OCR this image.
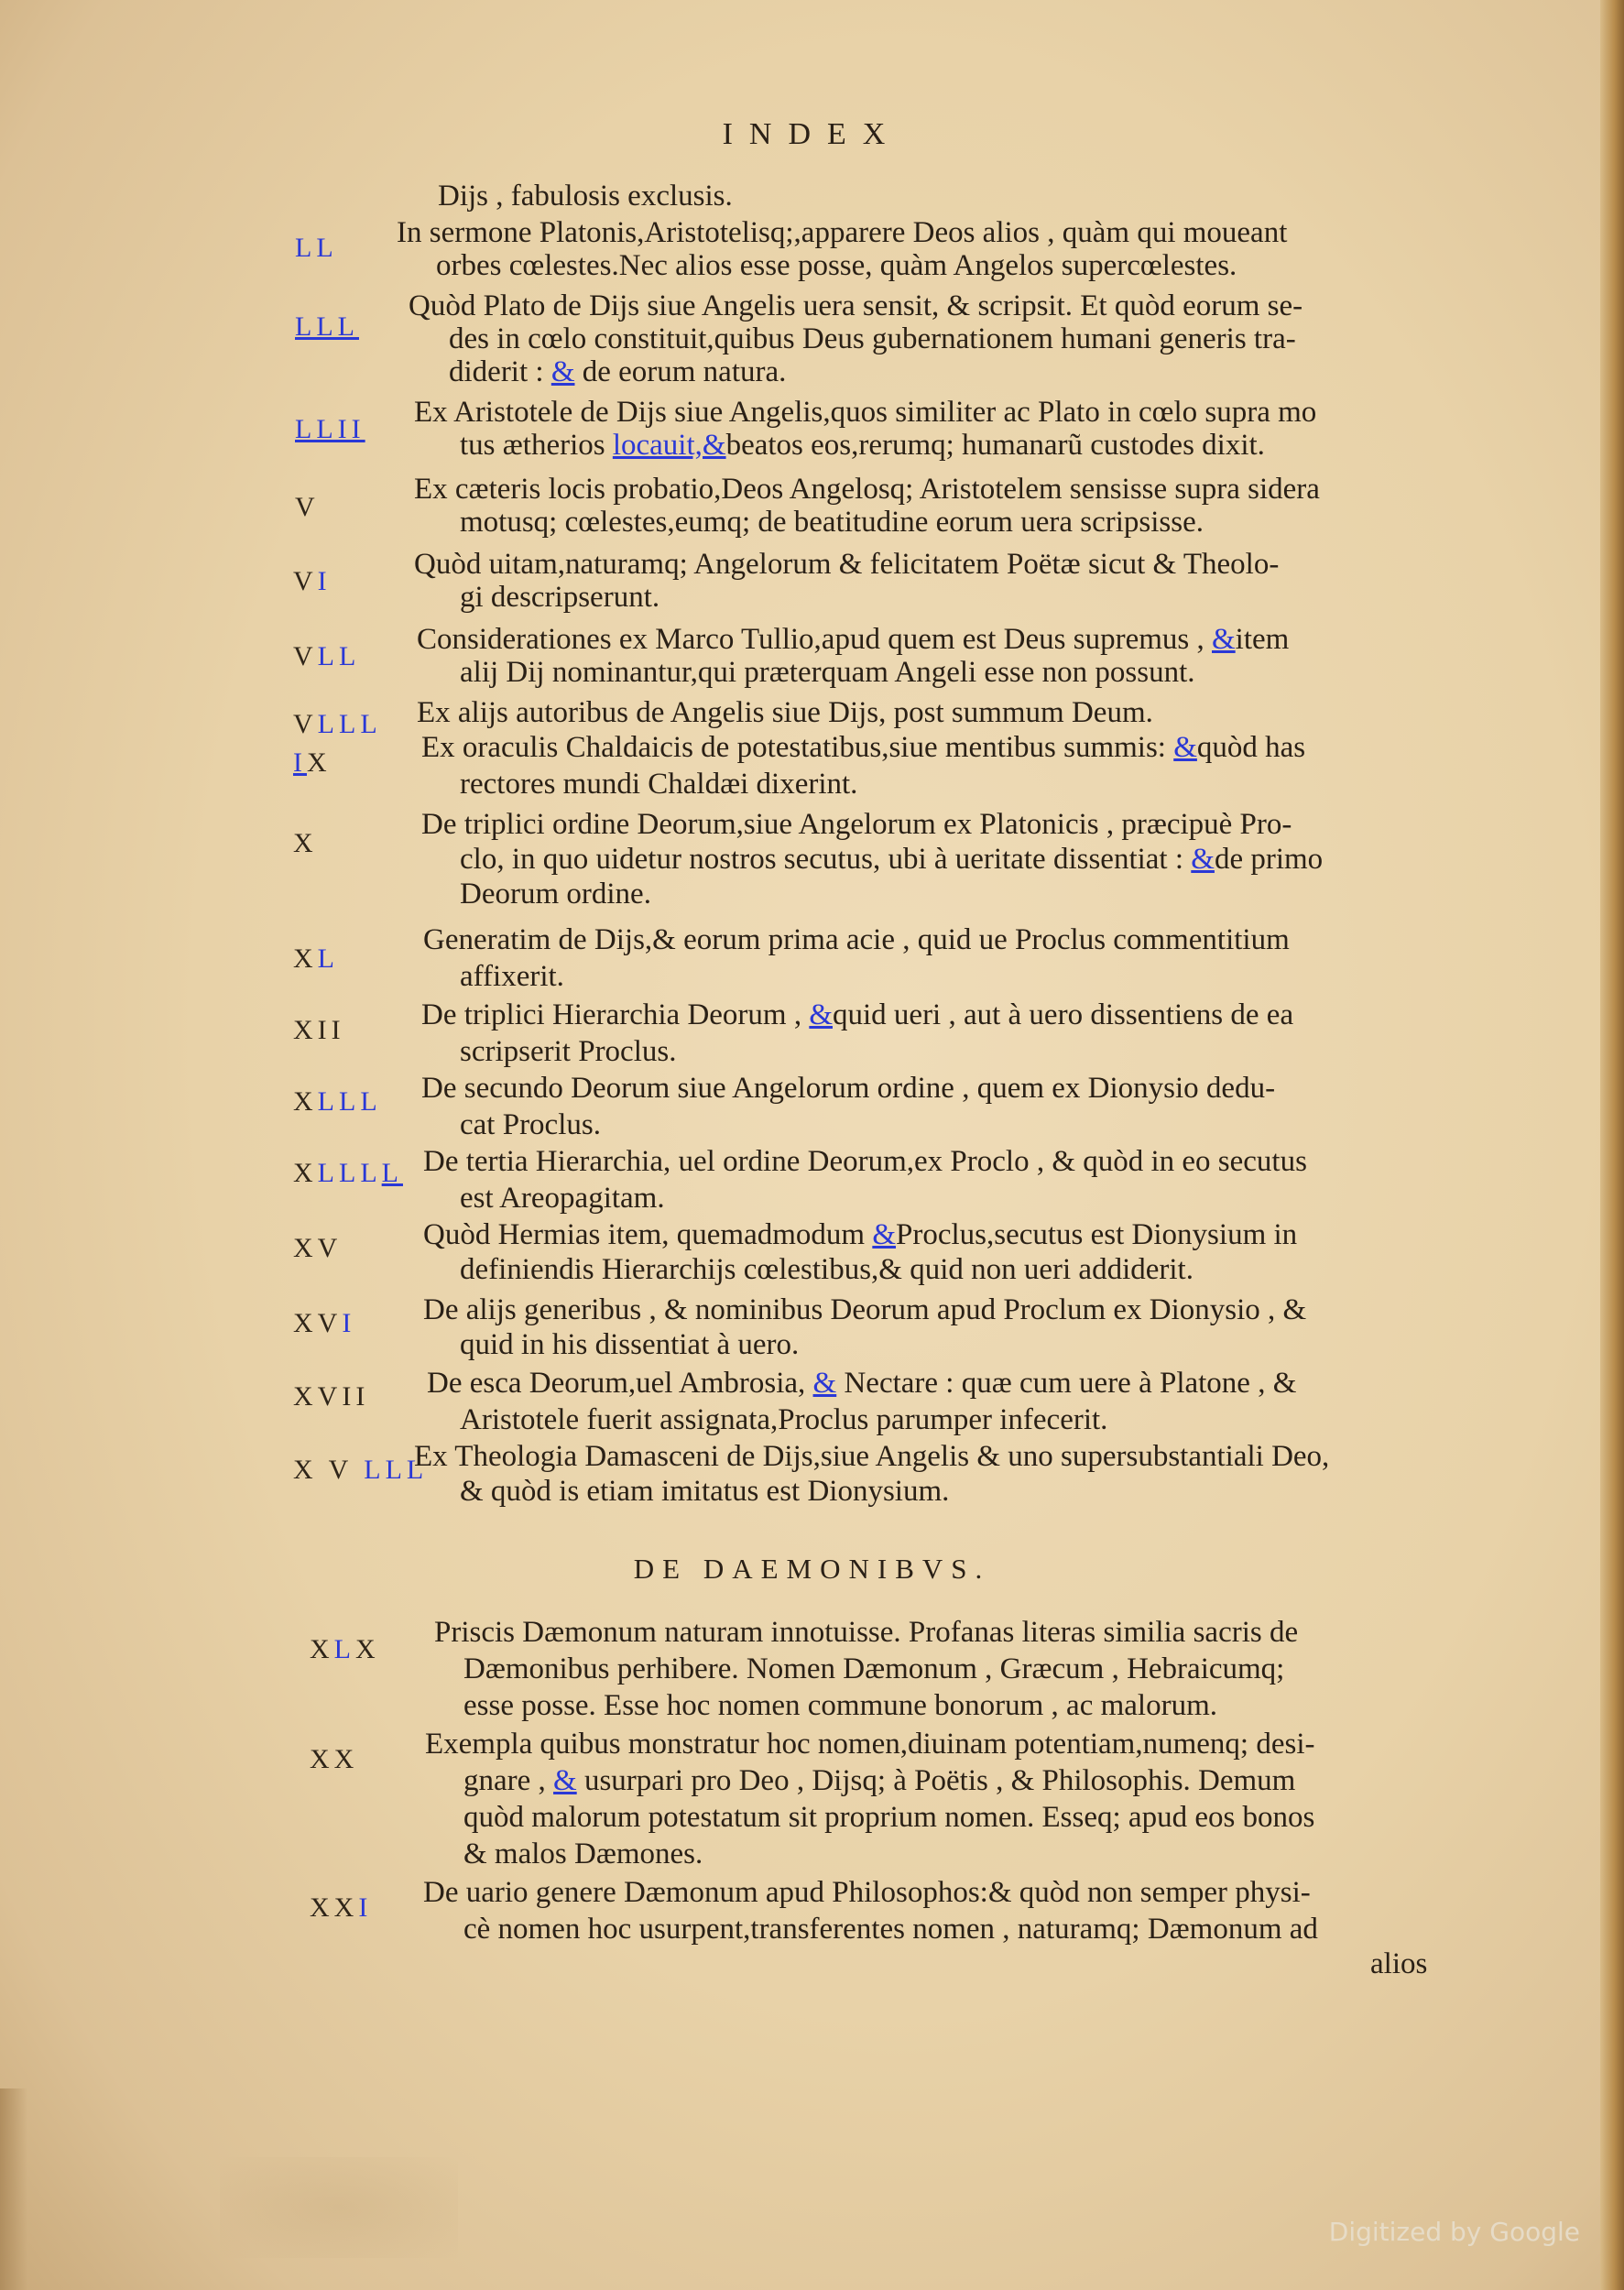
INDEX
Dijs , fabulosis exclusis.
LL In sermone Platonis,Aristotelisq;,apparere Deos alios , quàm qui moueant
orbes cœlestes.Nec alios esse posse, quàm Angelos supercœlestes.
LLL
Quòd Plato de Dijs siue Angelis uera sensit, & scripsit. Et quòd eorum se-
des in cœlo constituit,quibus Deus gubernationem humani generis tra-
diderit : & de eorum natura.
LLII
Ex Aristotele de Dijs siue Angelis,quos similiter ac Plato in cœlo supra mo
tus ætherios locauit,&beatos eos,rerumq; humanarũ custodes dixit.
V
Ex cæteris locis probatio,Deos Angelosq; Aristotelem sensisse supra sidera
motusq; cœlestes,eumq; de beatitudine eorum uera scripsisse.
VI
Quòd uitam,naturamq; Angelorum & felicitatem Poëtæ sicut & Theolo-
gi descripserunt.
VLL
Considerationes ex Marco Tullio,apud quem est Deus supremus , &item
alij Dij nominantur,qui præterquam Angeli esse non possunt.
VLLL Ex alijs autoribus de Angelis siue Dijs, post summum Deum.
IX	Ex oraculis Chaldaicis de potestatibus,siue mentibus summis: &quòd has
rectores mundi Chaldæi dixerint.
X
De triplici ordine Deorum,siue Angelorum ex Platonicis , præcipuè Pro-
clo, in quo uidetur nostros secutus, ubi à ueritate dissentiat : &de primo
Deorum ordine.
XL
Generatim de Dijs,& eorum prima acie , quid ue Proclus commentitium
affixerit.
XII	De triplici Hierarchia Deorum , &quid ueri , aut à uero dissentiens de ea
scripserit Proclus.
XLLL De secundo Deorum siue Angelorum ordine , quem ex Dionysio dedu-
cat Proclus.
XLLLL De tertia Hierarchia, uel ordine Deorum,ex Proclo , & quòd in eo secutus
est Areopagitam.
XV	Quòd Hermias item, quemadmodum &Proclus,secutus est Dionysium in
definiendis Hierarchijs cœlestibus,& quid non ueri addiderit.
XVI De alijs generibus , & nominibus Deorum apud Proclum ex Dionysio , &
quid in his dissentiat à uero.
XVII De esca Deorum,uel Ambrosia, & Nectare : quæ cum uere à Platone , &
Aristotele fuerit assignata,Proclus parumper infecerit.
X V LLL
Ex Theologia Damasceni de Dijs,siue Angelis & uno supersubstantiali Deo,
& quòd is etiam imitatus est Dionysium.
DE DAEMONIBVS.
XLX
Priscis Dæmonum naturam innotuisse. Profanas literas similia sacris de
Dæmonibus perhibere. Nomen Dæmonum , Græcum , Hebraicumq;
esse posse. Esse hoc nomen commune bonorum , ac malorum.
XX Exempla quibus monstratur hoc nomen,diuinam potentiam,numenq; desi-
gnare , & usurpari pro Deo , Dijsq; à Poëtis , & Philosophis. Demum
quòd malorum potestatum sit proprium nomen. Esseq; apud eos bonos
& malos Dæmones.
XXI De uario genere Dæmonum apud Philosophos:& quòd non semper physi-
cè nomen hoc usurpent,transferentes nomen , naturamq; Dæmonum ad
alios
Digitized by Google
